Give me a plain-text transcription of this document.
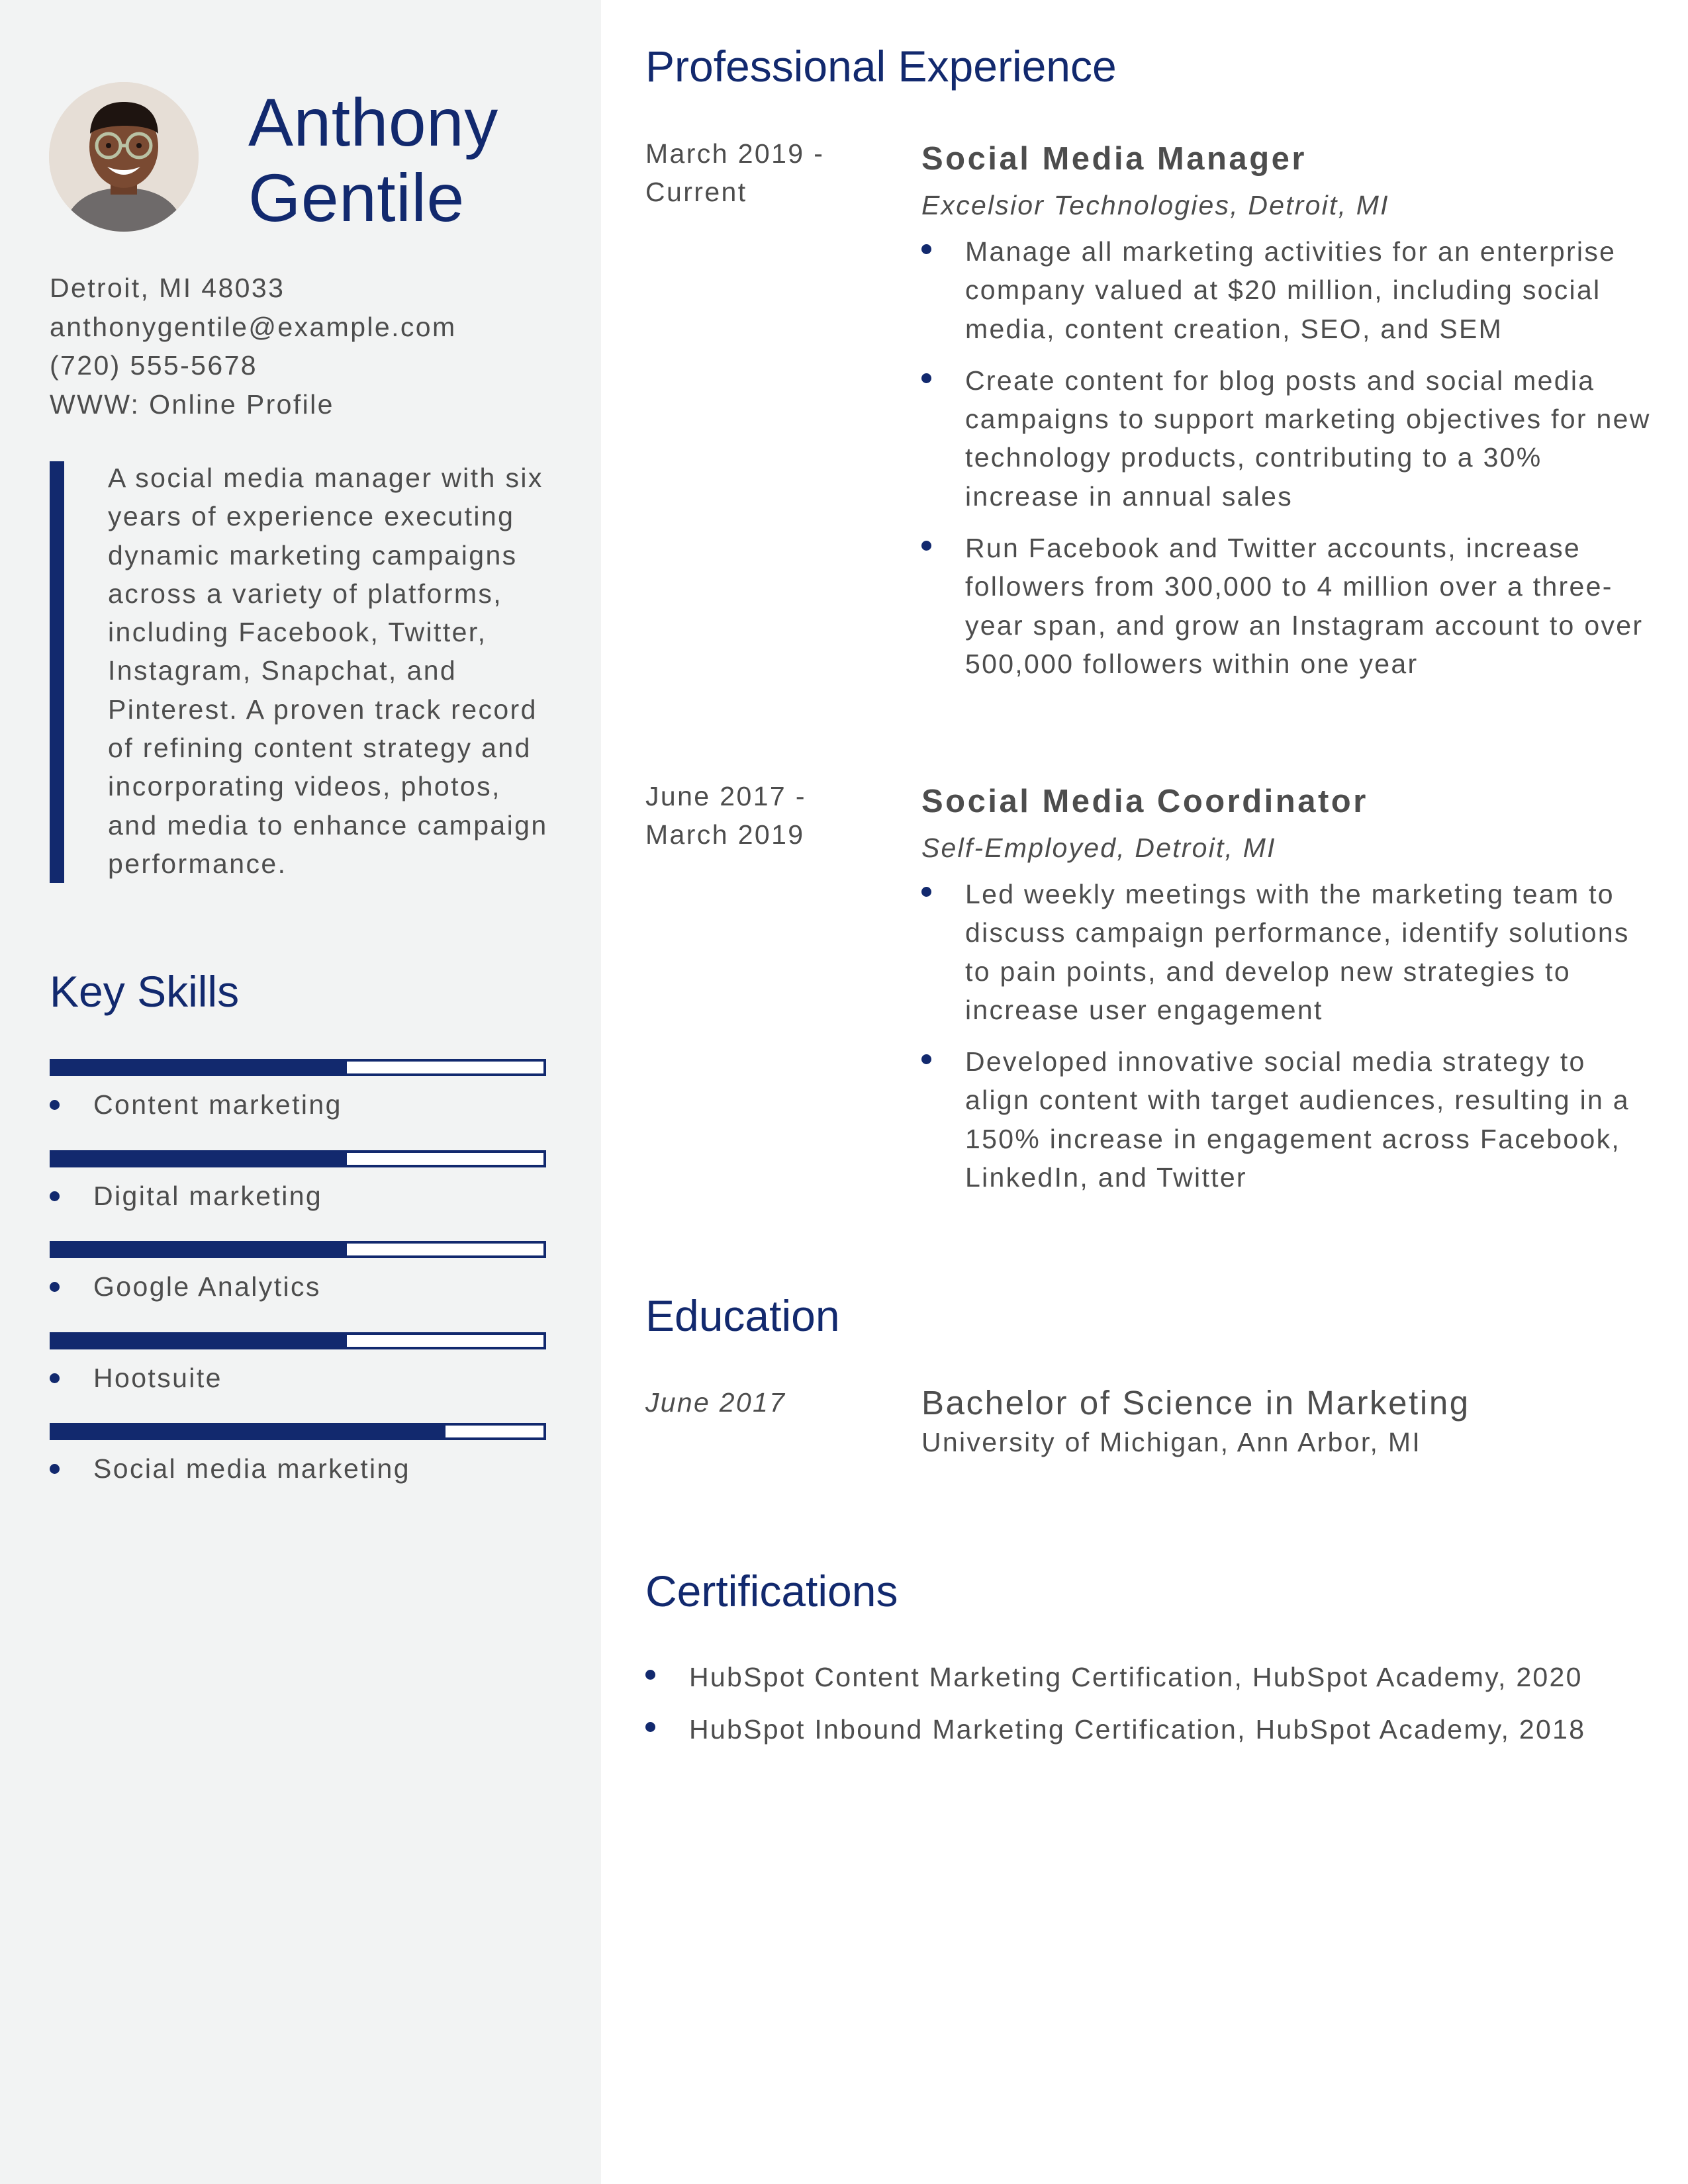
Anthony
Gentile
Detroit, MI 48033
anthonygentile@example.com
(720) 555-5678
WWW: Online Profile

A social media manager with six years of experience executing dynamic marketing campaigns across a variety of platforms, including Facebook, Twitter, Instagram, Snapchat, and Pinterest. A proven track record of refining content strategy and incorporating videos, photos, and media to enhance campaign performance.

Key Skills
Content marketing
Digital marketing
Google Analytics
Hootsuite
Social media marketing
Professional Experience
March 2019 -
Current
Social Media Manager
Excelsior Technologies, Detroit, MI
Manage all marketing activities for an enterprise company valued at $20 million, including social media, content creation, SEO, and SEM
Create content for blog posts and social media campaigns to support marketing objectives for new technology products, contributing to a 30% increase in annual sales
Run Facebook and Twitter accounts, increase followers from 300,000 to 4 million over a three-year span, and grow an Instagram account to over 500,000 followers within one year
June 2017 -
March 2019
Social Media Coordinator
Self-Employed, Detroit, MI
Led weekly meetings with the marketing team to discuss campaign performance, identify solutions to pain points, and develop new strategies to increase user engagement
Developed innovative social media strategy to align content with target audiences, resulting in a 150% increase in engagement across Facebook, LinkedIn, and Twitter
Education
June 2017	Bachelor of Science in Marketing
University of Michigan, Ann Arbor, MI
Certifications
HubSpot Content Marketing Certification, HubSpot Academy, 2020
HubSpot Inbound Marketing Certification, HubSpot Academy, 2018
